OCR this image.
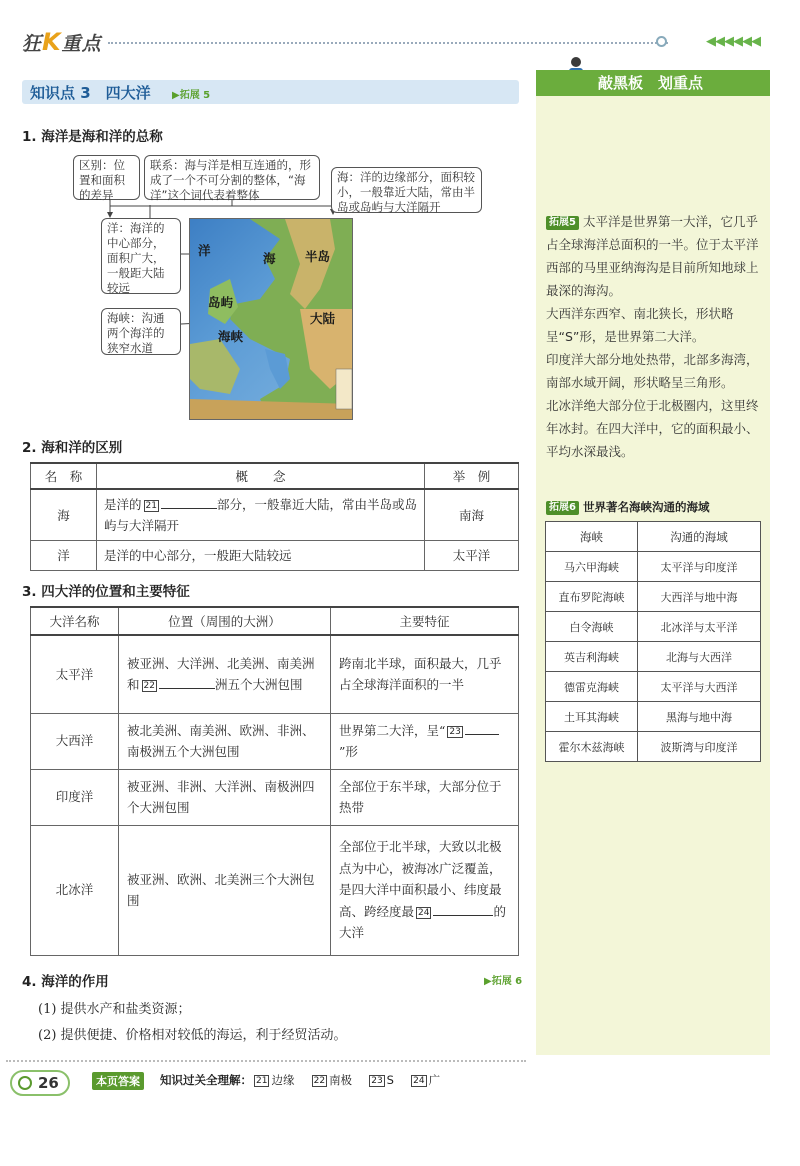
狂K重点	◀◀◀◀◀◀
知识点 3　四大洋 ▶拓展 5
1. 海洋是海和洋的总称
区别：位置和面积的差异
联系：海与洋是相互连通的，形成了一个不可分割的整体，“海洋”这个词代表着整体
海：洋的边缘部分，面积较小，一般靠近大陆，常由半岛或岛屿与大洋隔开
洋：海洋的中心部分，面积广大，一般距大陆较远
海峡：沟通两个海洋的狭窄水道
洋
海 半岛
岛屿
海峡
大陆
2. 海和洋的区别
名　称	概　　念	举　例
海	是洋的 21 部分，一般靠近大陆，常由半岛或岛屿与大洋隔开	南海
洋	是洋的中心部分，一般距大陆较远	太平洋
3. 四大洋的位置和主要特征
大洋名称	位置（周围的大洲）	主要特征
太平洋	被亚洲、大洋洲、北美洲、南美洲和 22 洲五个大洲包围	跨南北半球，面积最大，几乎占全球海洋面积的一半
大西洋	被北美洲、南美洲、欧洲、非洲、南极洲五个大洲包围	世界第二大洋，呈“ 23”形
印度洋	被亚洲、非洲、大洋洲、南极洲四个大洲包围	全部位于东半球，大部分位于热带
北冰洋	被亚洲、欧洲、北美洲三个大洲包围	全部位于北半球，大致以北极点为中心，被海冰广泛覆盖，是四大洋中面积最小、纬度最高、跨经度最 24 的大洋
4. 海洋的作用	▶拓展 6
(1) 提供水产和盐类资源；
(2) 提供便捷、价格相对较低的海运，利于经贸活动。
26	本页答案	知识过关全理解： 21 边缘　 22 南极　 23 S　 24 广
敲黑板　划重点
拓展5 太平洋是世界第一大洋，它几乎占全球海洋总面积的一半。位于太平洋西部的马里亚纳海沟是目前所知地球上最深的海沟。
大西洋东西窄、南北狭长，形状略呈“S”形，是世界第二大洋。
印度洋大部分地处热带，北部多海湾，南部水域开阔，形状略呈三角形。
北冰洋绝大部分位于北极圈内，这里终年冰封。在四大洋中，它的面积最小、平均水深最浅。
拓展6 世界著名海峡沟通的海域
海峡	沟通的海域
马六甲海峡	太平洋与印度洋
直布罗陀海峡	大西洋与地中海
白令海峡	北冰洋与太平洋
英吉利海峡	北海与大西洋
德雷克海峡	太平洋与大西洋
土耳其海峡	黑海与地中海
霍尔木兹海峡	波斯湾与印度洋
